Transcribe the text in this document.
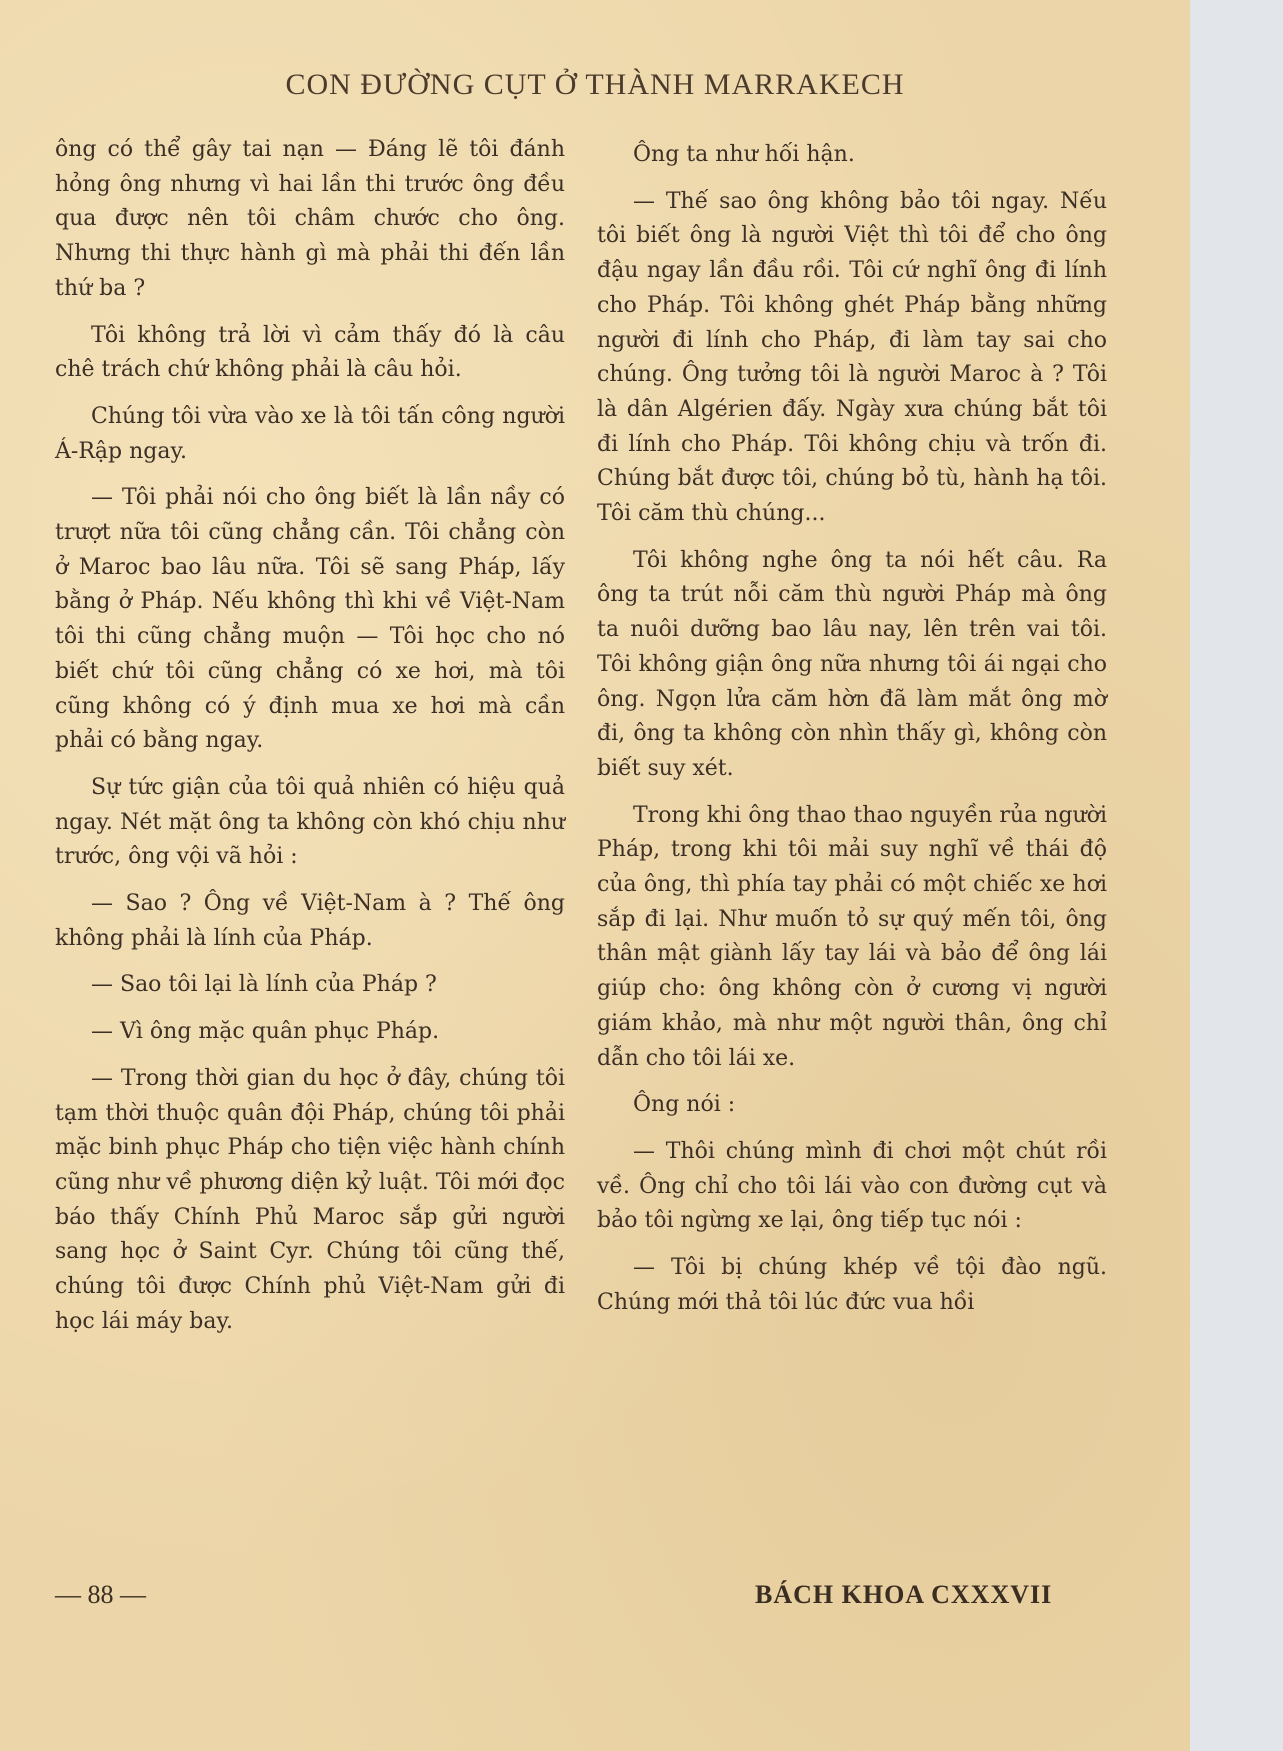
CON ĐƯỜNG CỤT Ở THÀNH MARRAKECH

ông có thể gây tai nạn — Đáng lẽ tôi đánh hỏng ông nhưng vì hai lần thi trước ông đều qua được nên tôi châm chước cho ông. Nhưng thi thực hành gì mà phải thi đến lần thứ ba ?

Tôi không trả lời vì cảm thấy đó là câu chê trách chứ không phải là câu hỏi.

Chúng tôi vừa vào xe là tôi tấn công người Á-Rập ngay.

— Tôi phải nói cho ông biết là lần nầy có trượt nữa tôi cũng chẳng cần. Tôi chẳng còn ở Maroc bao lâu nữa. Tôi sẽ sang Pháp, lấy bằng ở Pháp. Nếu không thì khi về Việt-Nam tôi thi cũng chẳng muộn — Tôi học cho nó biết chứ tôi cũng chẳng có xe hơi, mà tôi cũng không có ý định mua xe hơi mà cần phải có bằng ngay.

Sự tức giận của tôi quả nhiên có hiệu quả ngay. Nét mặt ông ta không còn khó chịu như trước, ông vội vã hỏi :

— Sao ? Ông về Việt-Nam à ? Thế ông không phải là lính của Pháp.

— Sao tôi lại là lính của Pháp ?

— Vì ông mặc quân phục Pháp.

— Trong thời gian du học ở đây, chúng tôi tạm thời thuộc quân đội Pháp, chúng tôi phải mặc binh phục Pháp cho tiện việc hành chính cũng như về phương diện kỷ luật. Tôi mới đọc báo thấy Chính Phủ Maroc sắp gửi người sang học ở Saint Cyr. Chúng tôi cũng thế, chúng tôi được Chính phủ Việt-Nam gửi đi học lái máy bay.

Ông ta như hối hận.

— Thế sao ông không bảo tôi ngay. Nếu tôi biết ông là người Việt thì tôi để cho ông đậu ngay lần đầu rồi. Tôi cứ nghĩ ông đi lính cho Pháp. Tôi không ghét Pháp bằng những người đi lính cho Pháp, đi làm tay sai cho chúng. Ông tưởng tôi là người Maroc à ? Tôi là dân Algérien đấy. Ngày xưa chúng bắt tôi đi lính cho Pháp. Tôi không chịu và trốn đi. Chúng bắt được tôi, chúng bỏ tù, hành hạ tôi. Tôi căm thù chúng...

Tôi không nghe ông ta nói hết câu. Ra ông ta trút nỗi căm thù người Pháp mà ông ta nuôi dưỡng bao lâu nay, lên trên vai tôi. Tôi không giận ông nữa nhưng tôi ái ngại cho ông. Ngọn lửa căm hờn đã làm mắt ông mờ đi, ông ta không còn nhìn thấy gì, không còn biết suy xét.

Trong khi ông thao thao nguyền rủa người Pháp, trong khi tôi mải suy nghĩ về thái độ của ông, thì phía tay phải có một chiếc xe hơi sắp đi lại. Như muốn tỏ sự quý mến tôi, ông thân mật giành lấy tay lái và bảo để ông lái giúp cho: ông không còn ở cương vị người giám khảo, mà như một người thân, ông chỉ dẫn cho tôi lái xe.

Ông nói :

— Thôi chúng mình đi chơi một chút rồi về. Ông chỉ cho tôi lái vào con đường cụt và bảo tôi ngừng xe lại, ông tiếp tục nói :

— Tôi bị chúng khép về tội đào ngũ. Chúng mới thả tôi lúc đức vua hồi

— 88 —	BÁCH KHOA CXXXVII
